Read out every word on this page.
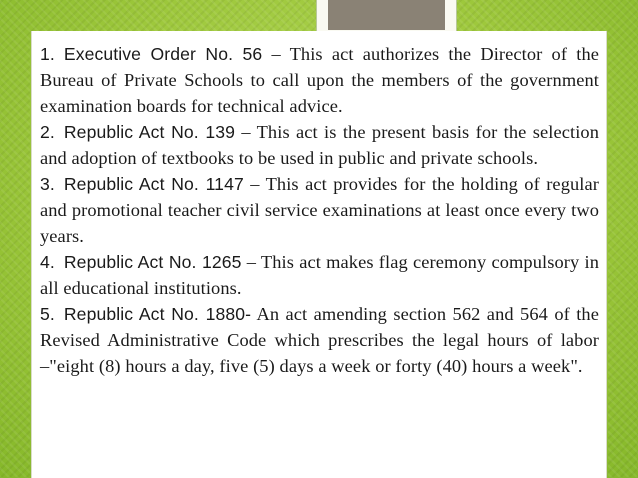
1. Executive Order No. 56 – This act authorizes the Director of the Bureau of Private Schools to call upon the members of the government examination boards for technical advice.

2. Republic Act No. 139 – This act is the present basis for the selection and adoption of textbooks to be used in public and private schools.

3. Republic Act No. 1147 – This act provides for the holding of regular and promotional teacher civil service examinations at least once every two years.

4. Republic Act No. 1265 – This act makes flag ceremony compulsory in all educational institutions.

5. Republic Act No. 1880- An act amending section 562 and 564 of the Revised Administrative Code which prescribes the legal hours of labor –"eight (8) hours a day, five (5) days a week or forty (40) hours a week".
